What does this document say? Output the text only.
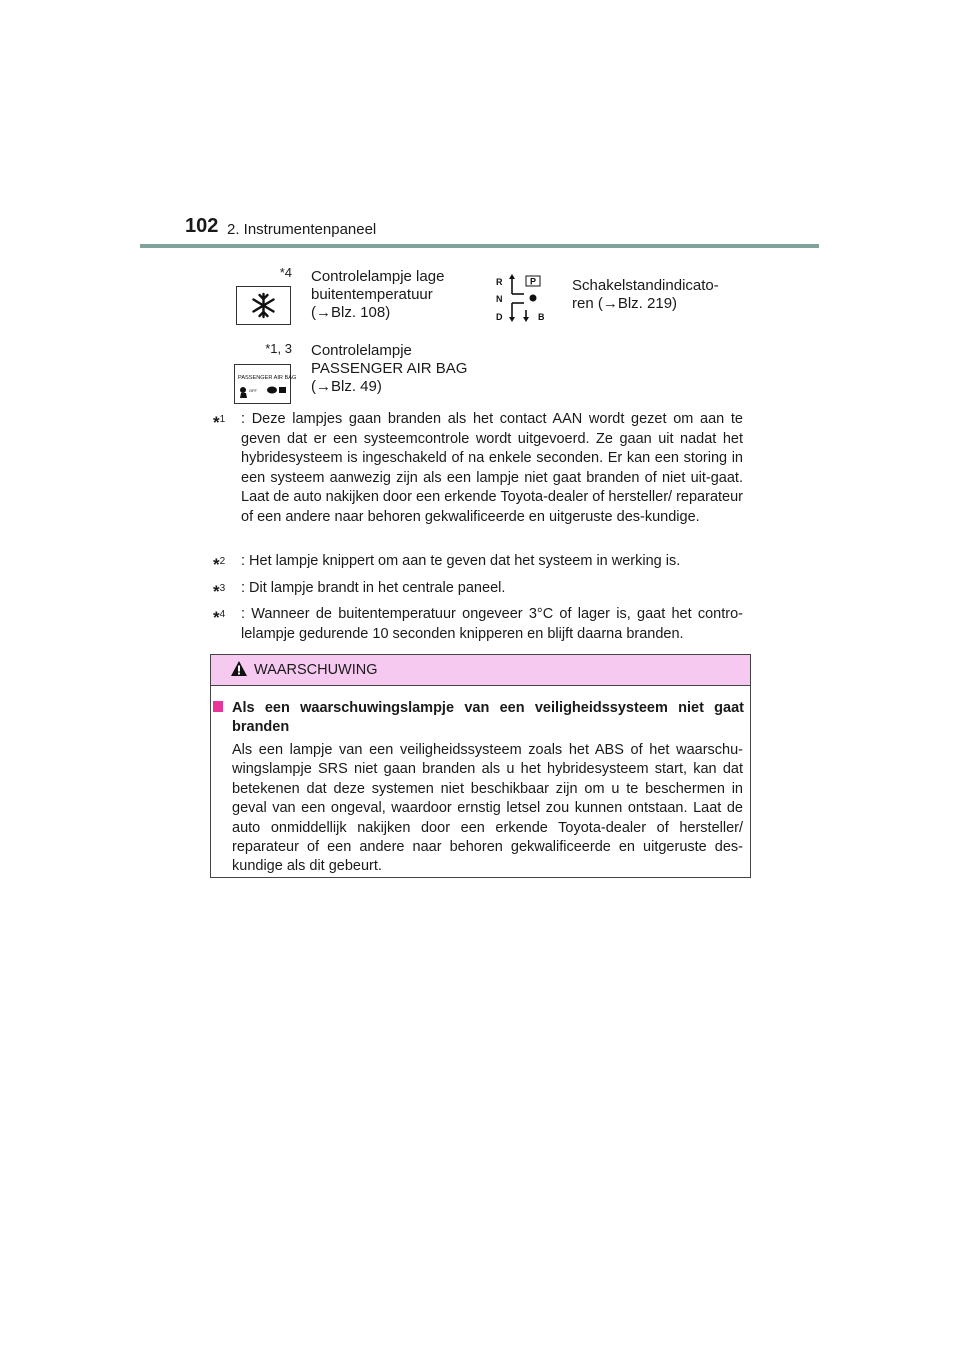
102 2. Instrumentenpaneel
*4 Controlelampje lage
buitentemperatuur
(→Blz. 108)
R
N
D
P
B
Schakelstandindicato-
ren (→Blz. 219)
*1, 3
PASSENGER AIR BAG
OFF
Controlelampje
PASSENGER AIR BAG
(→Blz. 49)
*$^1$	: Deze lampjes gaan branden als het contact AAN wordt gezet om aan te geven dat er een systeemcontrole wordt uitgevoerd. Ze gaan uit nadat het hybridesysteem is ingeschakeld of na enkele seconden. Er kan een storing in een systeem aanwezig zijn als een lampje niet gaat branden of niet uit-gaat. Laat de auto nakijken door een erkende Toyota-dealer of hersteller/ reparateur of een andere naar behoren gekwalificeerde en uitgeruste des-kundige.
*$^2$	: Het lampje knippert om aan te geven dat het systeem in werking is.
*$^3$	: Dit lampje brandt in het centrale paneel.
*$^4$	: Wanneer de buitentemperatuur ongeveer 3°C of lager is, gaat het contro-lelampje gedurende 10 seconden knipperen en blijft daarna branden.
WAARSCHUWING
Als een waarschuwingslampje van een veiligheidssysteem niet gaat branden
Als een lampje van een veiligheidssysteem zoals het ABS of het waarschu-wingslampje SRS niet gaan branden als u het hybridesysteem start, kan dat betekenen dat deze systemen niet beschikbaar zijn om u te beschermen in geval van een ongeval, waardoor ernstig letsel zou kunnen ontstaan. Laat de auto onmiddellijk nakijken door een erkende Toyota-dealer of hersteller/ reparateur of een andere naar behoren gekwalificeerde en uitgeruste des-kundige als dit gebeurt.
